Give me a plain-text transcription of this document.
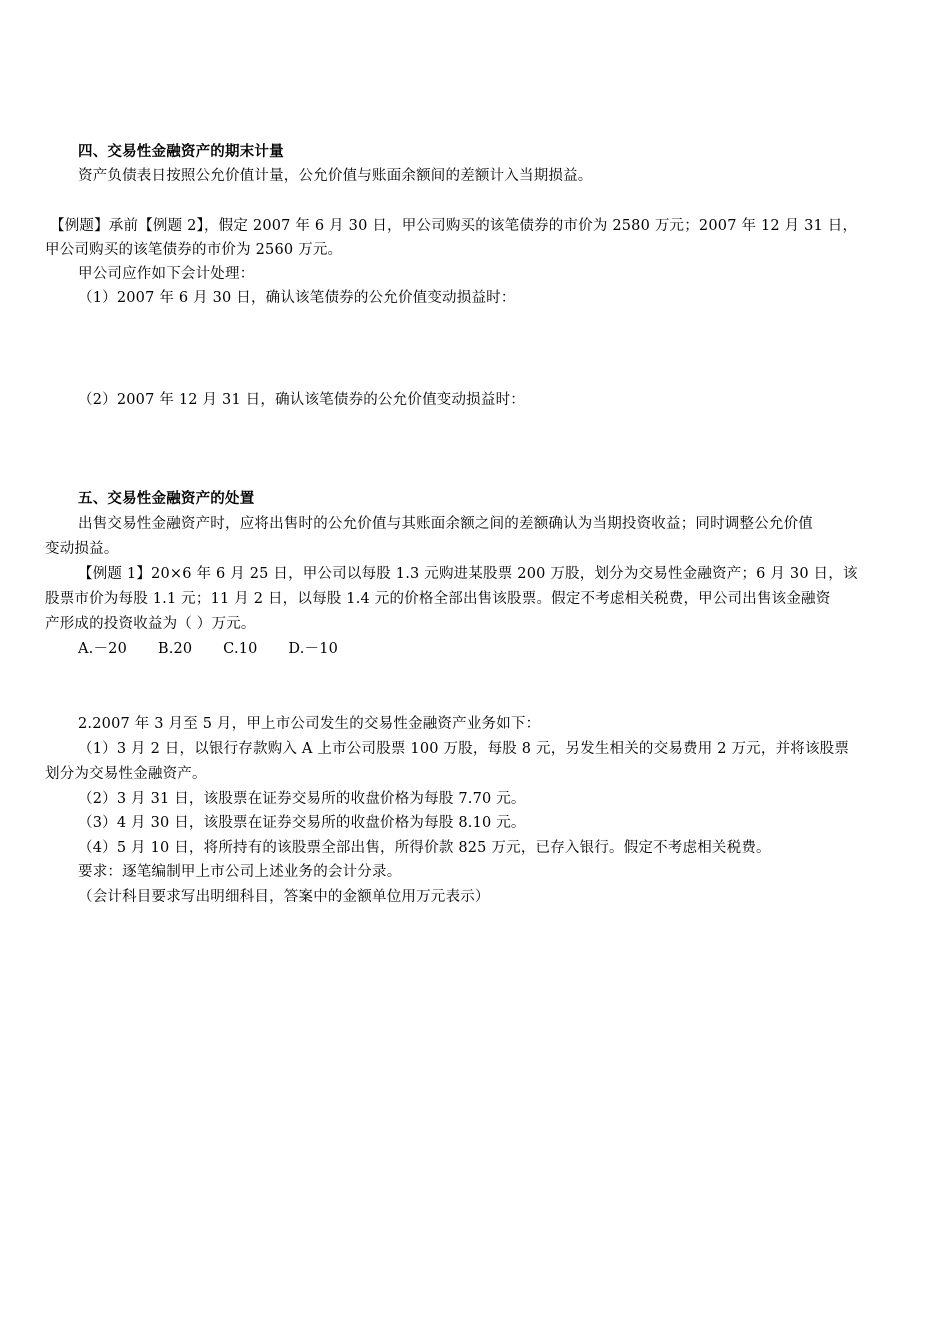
四、交易性金融资产的期末计量
资产负债表日按照公允价值计量，公允价值与账面余额间的差额计入当期损益。
【例题】承前【例题 2】，假定 2007 年 6 月 30 日，甲公司购买的该笔债券的市价为 2580 万元；2007 年 12 月 31 日，
甲公司购买的该笔债券的市价为 2560 万元。
甲公司应作如下会计处理：
（1）2007 年 6 月 30 日，确认该笔债券的公允价值变动损益时：
（2）2007 年 12 月 31 日，确认该笔债券的公允价值变动损益时：
五、交易性金融资产的处置
出售交易性金融资产时，应将出售时的公允价值与其账面余额之间的差额确认为当期投资收益；同时调整公允价值
变动损益。
【例题 1】20×6 年 6 月 25 日，甲公司以每股 1.3 元购进某股票 200 万股，划分为交易性金融资产；6 月 30 日，该
股票市价为每股 1.1 元；11 月 2 日，以每股 1.4 元的价格全部出售该股票。假定不考虑相关税费，甲公司出售该金融资
产形成的投资收益为（ ）万元。
A.－20 B.20 C.10 D.－10
2.2007 年 3 月至 5 月，甲上市公司发生的交易性金融资产业务如下：
（1）3 月 2 日，以银行存款购入 A 上市公司股票 100 万股，每股 8 元，另发生相关的交易费用 2 万元，并将该股票
划分为交易性金融资产。
（2）3 月 31 日，该股票在证券交易所的收盘价格为每股 7.70 元。
（3）4 月 30 日，该股票在证券交易所的收盘价格为每股 8.10 元。
（4）5 月 10 日，将所持有的该股票全部出售，所得价款 825 万元，已存入银行。假定不考虑相关税费。
要求：逐笔编制甲上市公司上述业务的会计分录。
（会计科目要求写出明细科目，答案中的金额单位用万元表示）
